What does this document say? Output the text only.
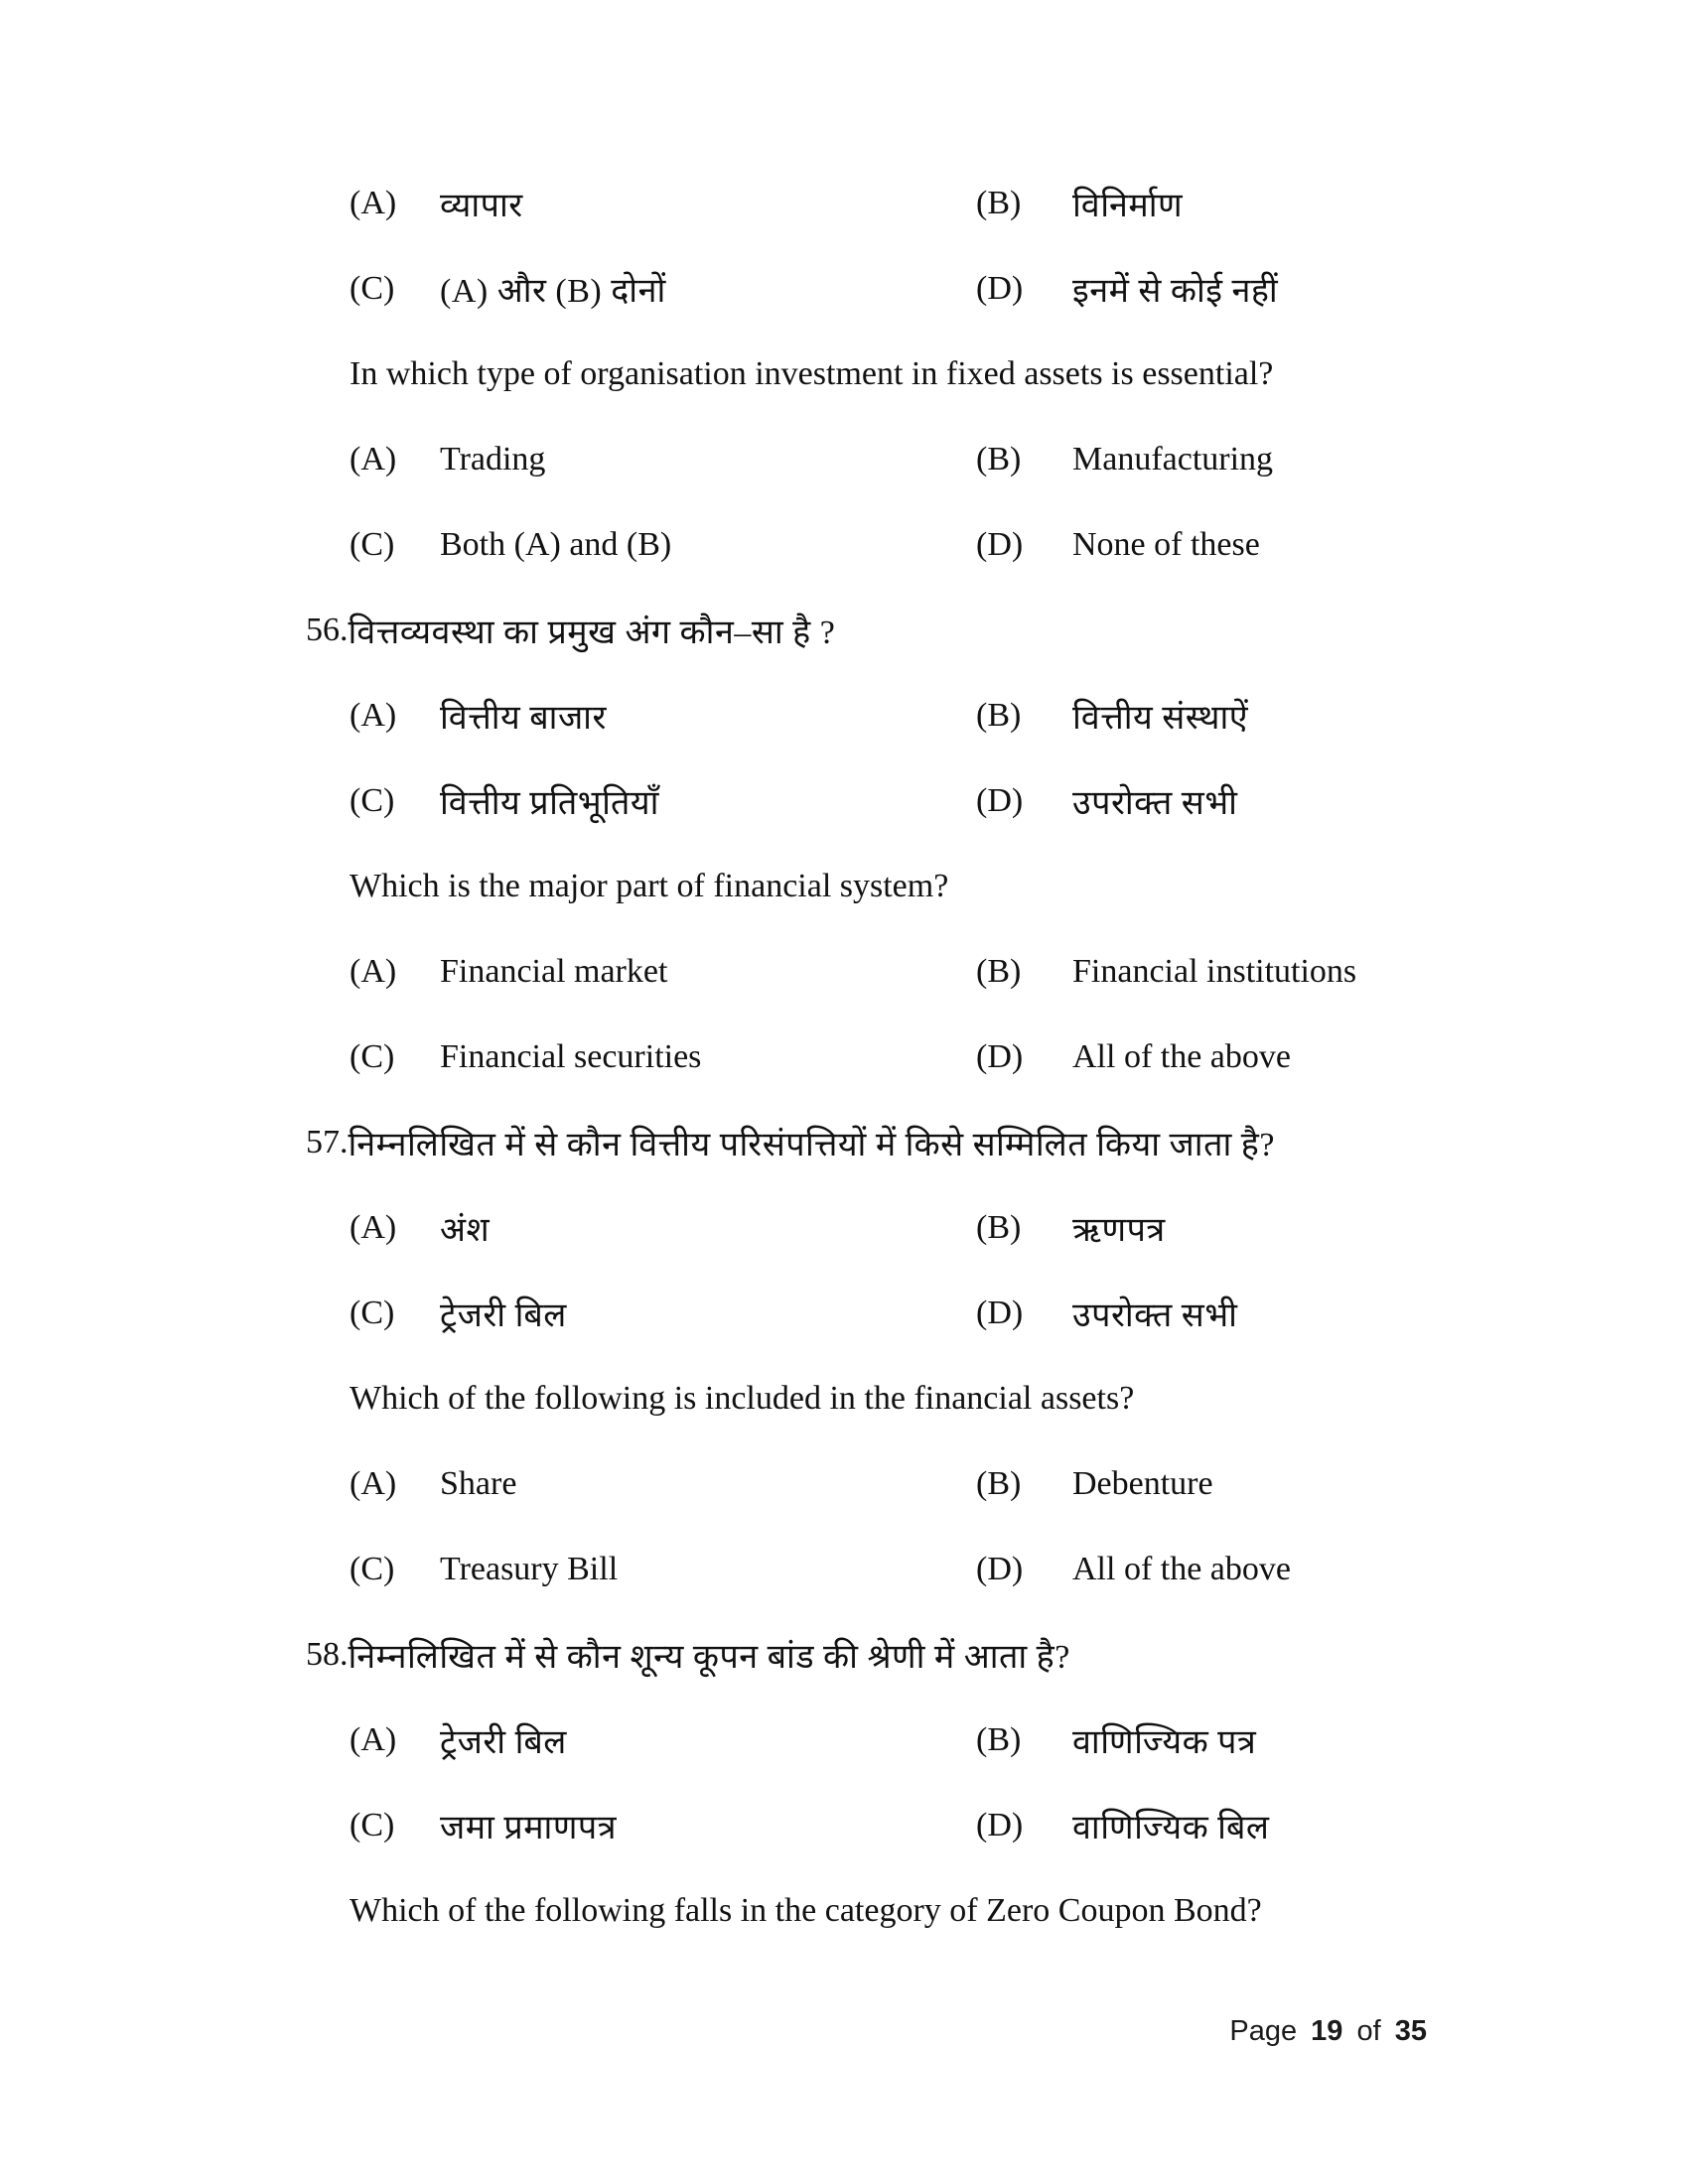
(A)	व्यापार	(B)	विनिर्माण
(C)	(A) और (B) दोनों	(D)	इनमें से कोई नहीं
In which type of organisation investment in fixed assets is essential?
(A)	Trading	(B)	Manufacturing
(C)	Both (A) and (B)	(D)	None of these
56. वित्तव्यवस्था का प्रमुख अंग कौन–सा है ?
(A)	वित्तीय बाजार	(B)	वित्तीय संस्थाऐं
(C)	वित्तीय प्रतिभूतियाँ	(D)	उपरोक्त सभी
Which is the major part of financial system?
(A)	Financial market	(B)	Financial institutions
(C)	Financial securities	(D)	All of the above
57. निम्नलिखित में से कौन वित्तीय परिसंपत्तियों में किसे सम्मिलित किया जाता है?
(A)	अंश	(B)	ऋणपत्र
(C)	ट्रेजरी बिल	(D)	उपरोक्त सभी
Which of the following is included in the financial assets?
(A)	Share	(B)	Debenture
(C)	Treasury Bill	(D)	All of the above
58. निम्नलिखित में से कौन शून्य कूपन बांड की श्रेणी में आता है?
(A)	ट्रेजरी बिल	(B)	वाणिज्यिक पत्र
(C)	जमा प्रमाणपत्र	(D)	वाणिज्यिक बिल
Which of the following falls in the category of Zero Coupon Bond?
Page 19 of 35
